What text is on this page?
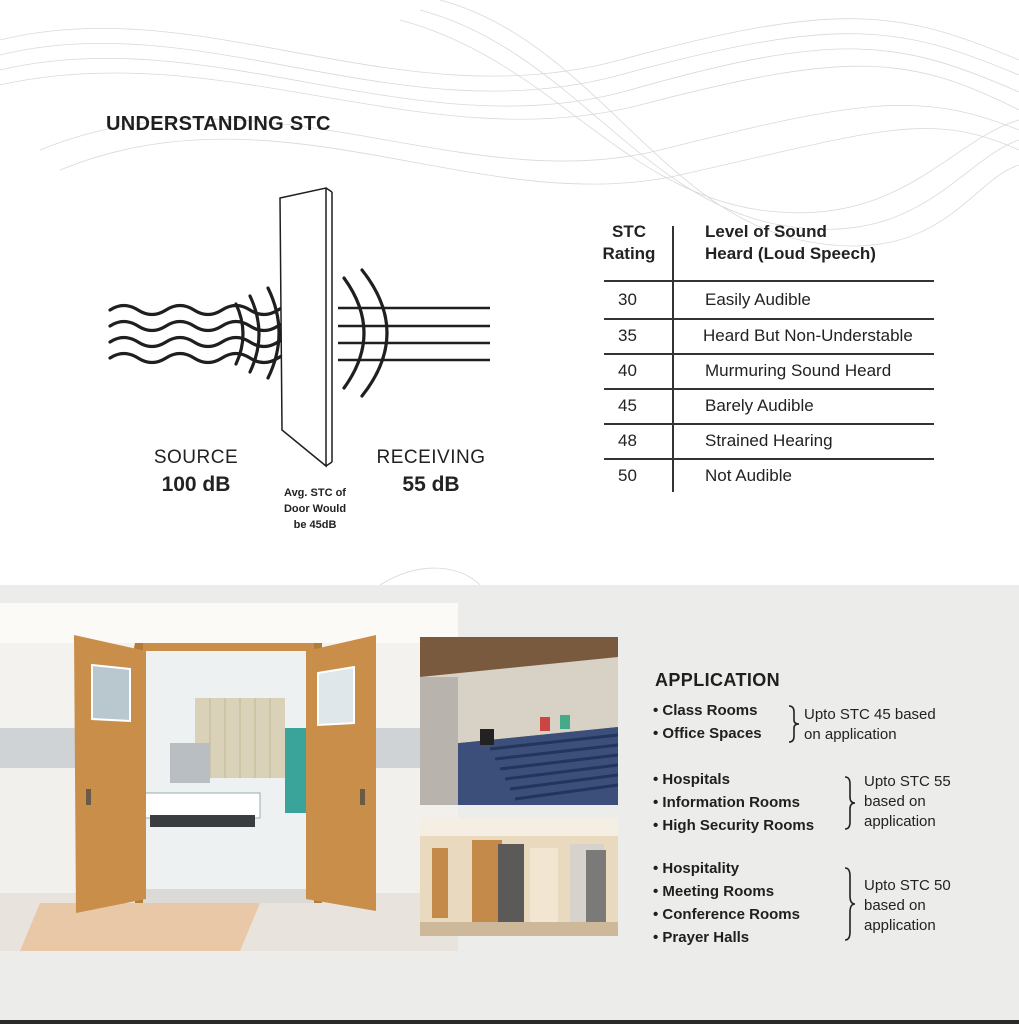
UNDERSTANDING STC
SOURCE
100 dB
RECEIVING
55 dB
Avg. STC of
Door Would
be 45dB
STC
Rating
Level of Sound
Heard (Loud Speech)
30	Easily Audible
35	Heard But Non-Understable
40	Murmuring Sound Heard
45	Barely Audible
48	Strained Hearing
50	Not Audible
APPLICATION
• Class Rooms
• Office Spaces
Upto STC 45 based
on application
• Hospitals
• Information Rooms
• High Security Rooms
Upto STC 55
based on
application
• Hospitality
• Meeting Rooms
• Conference Rooms
• Prayer Halls
Upto STC 50
based on
application
